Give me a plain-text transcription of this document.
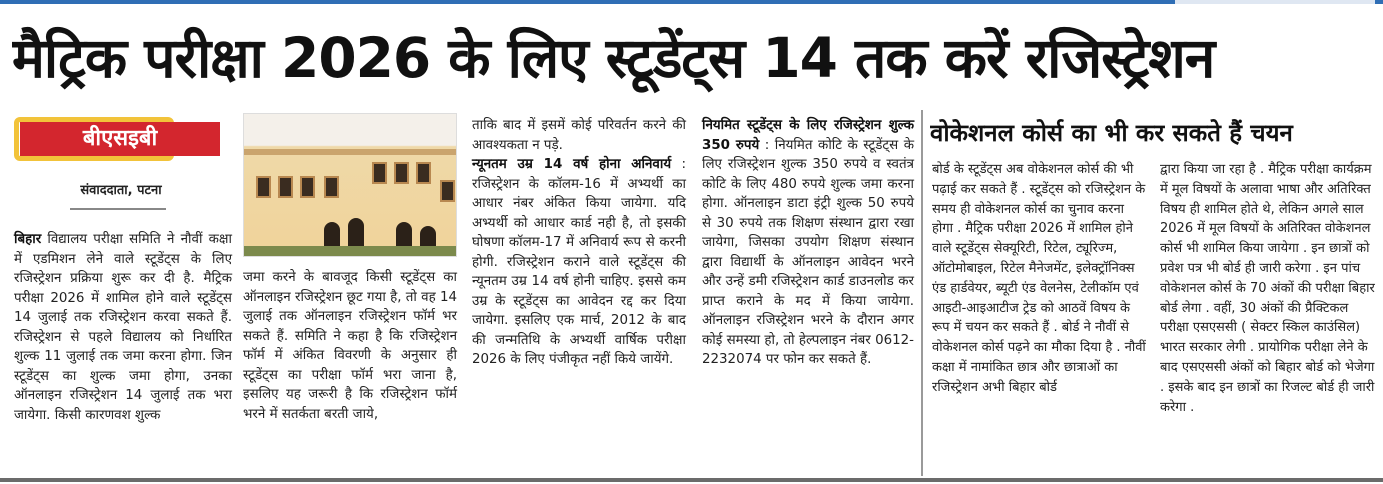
मैट्रिक परीक्षा 2026 के लिए स्टूडेंट्स 14 तक करें रजिस्ट्रेशन
बीएसइबी
संवाददाता, पटना

बिहार विद्यालय परीक्षा समिति ने नौवीं कक्षा में एडमिशन लेने वाले स्टूडेंट्स के लिए रजिस्ट्रेशन प्रक्रिया शुरू कर दी है. मैट्रिक परीक्षा 2026 में शामिल होने वाले स्टूडेंट्स 14 जुलाई तक रजिस्ट्रेशन करवा सकते हैं. रजिस्ट्रेशन से पहले विद्यालय को निर्धारित शुल्क 11 जुलाई तक जमा करना होगा. जिन स्टूडेंट्स का शुल्क जमा होगा, उनका ऑनलाइन रजिस्ट्रेशन 14 जुलाई तक भरा जायेगा. किसी कारणवश शुल्क

जमा करने के बावजूद किसी स्टूडेंट्स का ऑनलाइन रजिस्ट्रेशन छूट गया है, तो वह 14 जुलाई तक ऑनलाइन रजिस्ट्रेशन फॉर्म भर सकते हैं. समिति ने कहा है कि रजिस्ट्रेशन फॉर्म में अंकित विवरणी के अनुसार ही स्टूडेंट्स का परीक्षा फॉर्म भरा जाना है, इसलिए यह जरूरी है कि रजिस्ट्रेशन फॉर्म भरने में सतर्कता बरती जाये,

ताकि बाद में इसमें कोई परिवर्तन करने की आवश्यकता न पड़े.

न्यूनतम उम्र 14 वर्ष होना अनिवार्य : रजिस्ट्रेशन के कॉलम-16 में अभ्यर्थी का आधार नंबर अंकित किया जायेगा. यदि अभ्यर्थी को आधार कार्ड नही है, तो इसकी घोषणा कॉलम-17 में अनिवार्य रूप से करनी होगी. रजिस्ट्रेशन कराने वाले स्टूडेंट्स की न्यूनतम उम्र 14 वर्ष होनी चाहिए. इससे कम उम्र के स्टूडेंट्स का आवेदन रद्द कर दिया जायेगा. इसलिए एक मार्च, 2012 के बाद की जन्मतिथि के अभ्यर्थी वार्षिक परीक्षा 2026 के लिए पंजीकृत नहीं किये जायेंगे.

नियमित स्टूडेंट्स के लिए रजिस्ट्रेशन शुल्क 350 रुपये : नियमित कोटि के स्टूडेंट्स के लिए रजिस्ट्रेशन शुल्क 350 रुपये व स्वतंत्र कोटि के लिए 480 रुपये शुल्क जमा करना होगा. ऑनलाइन डाटा इंट्री शुल्क 50 रुपये से 30 रुपये तक शिक्षण संस्थान द्वारा रखा जायेगा, जिसका उपयोग शिक्षण संस्थान द्वारा विद्यार्थी के ऑनलाइन आवेदन भरने और उन्हें डमी रजिस्ट्रेशन कार्ड डाउनलोड कर प्राप्त कराने के मद में किया जायेगा. ऑनलाइन रजिस्ट्रेशन भरने के दौरान अगर कोई समस्या हो, तो हेल्पलाइन नंबर 0612-2232074 पर फोन कर सकते हैं.

वोकेशनल कोर्स का भी कर सकते हैं चयन

बोर्ड के स्टूडेंट्स अब वोकेशनल कोर्स की भी पढ़ाई कर सकते हैं . स्टूडेंट्स को रजिस्ट्रेशन के समय ही वोकेशनल कोर्स का चुनाव करना होगा . मैट्रिक परीक्षा 2026 में शामिल होने वाले स्टूडेंट्स सेक्यूरिटी, रिटेल, ट्यूरिज्म, ऑटोमोबाइल, रिटेल मैनेजमेंट, इलेक्ट्रॉनिक्स एंड हार्डवेयर, ब्यूटी एंड वेलनेस, टेलीकॉम एवं आइटी-आइआटीज ट्रेड को आठवें विषय के रूप में चयन कर सकते हैं . बोर्ड ने नौवीं से वोकेशनल कोर्स पढ़ने का मौका दिया है . नौवीं कक्षा में नामांकित छात्र और छात्राओं का रजिस्ट्रेशन अभी बिहार बोर्ड

द्वारा किया जा रहा है . मैट्रिक परीक्षा कार्यक्रम में मूल विषयों के अलावा भाषा और अतिरिक्त विषय ही शामिल होते थे, लेकिन अगले साल 2026 में मूल विषयों के अतिरिक्त वोकेशनल कोर्स भी शामिल किया जायेगा . इन छात्रों को प्रवेश पत्र भी बोर्ड ही जारी करेगा . इन पांच वोकेशनल कोर्स के 70 अंकों की परीक्षा बिहार बोर्ड लेगा . वहीं, 30 अंकों की प्रैक्टिकल परीक्षा एसएससी ( सेक्टर स्किल काउंसिल) भारत सरकार लेगी . प्रायोगिक परीक्षा लेने के बाद एसएससी अंकों को बिहार बोर्ड को भेजेगा . इसके बाद इन छात्रों का रिजल्ट बोर्ड ही जारी करेगा .
